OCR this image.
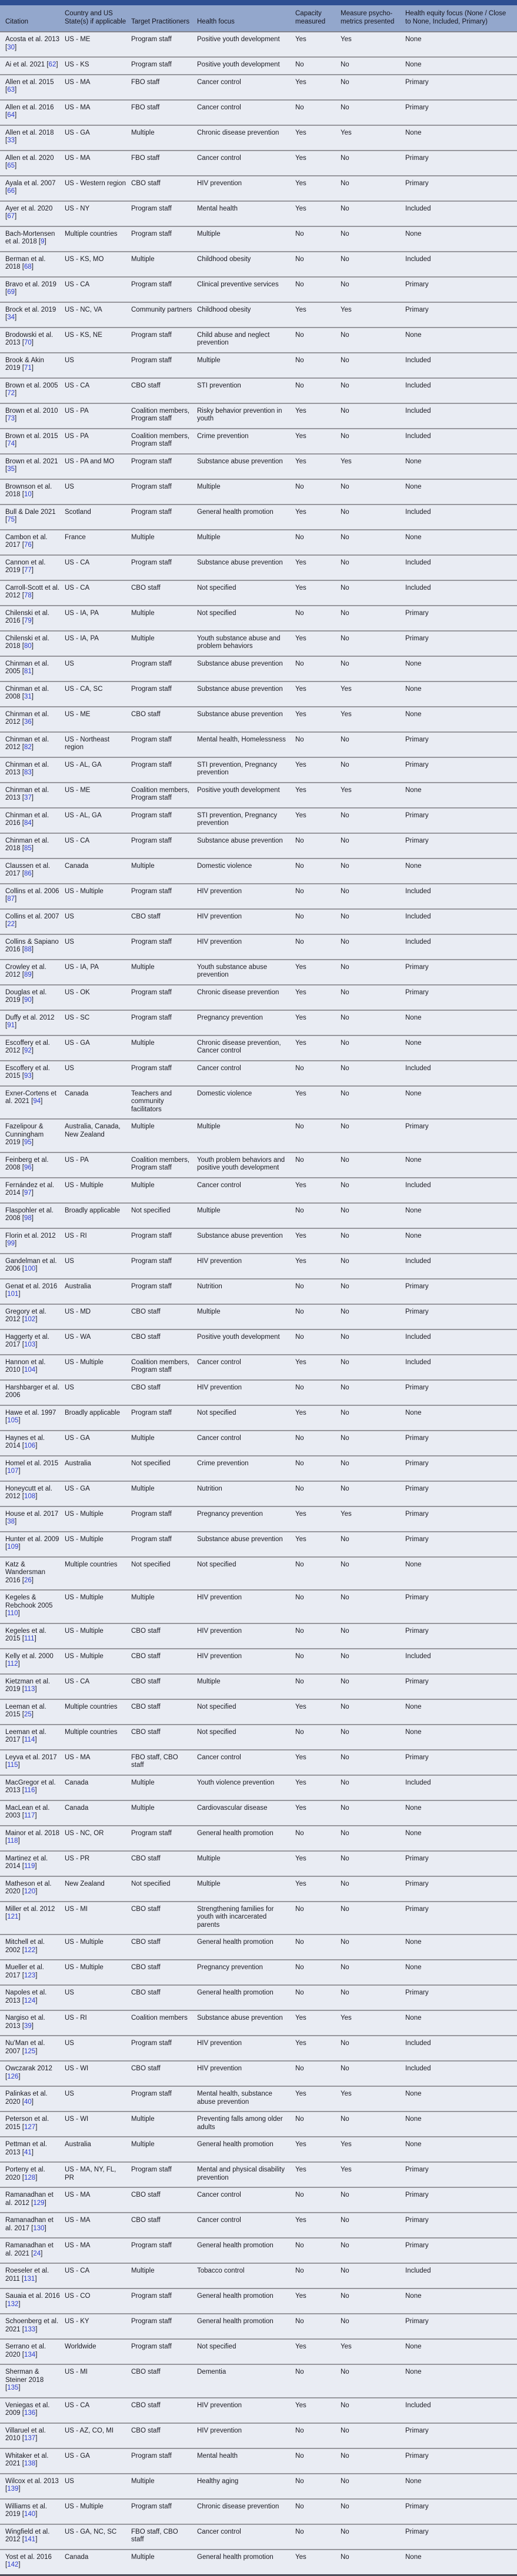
Citation	Country and US State(s) if applicable	Target Practitioners	Health focus	Capacity measured	Measure psycho-metrics presented	Health equity focus (None / Close to None, Included, Primary)
Acosta et al. 2013 [30]	US - ME	Program staff	Positive youth development	Yes	Yes	None
Ai et al. 2021 [62]	US - KS	Program staff	Positive youth development	No	No	None
Allen et al. 2015 [63]	US - MA	FBO staff	Cancer control	Yes	No	Primary
Allen et al. 2016 [64]	US - MA	FBO staff	Cancer control	No	No	Primary
Allen et al. 2018 [33]	US - GA	Multiple	Chronic disease prevention	Yes	Yes	None
Allen et al. 2020 [65]	US - MA	FBO staff	Cancer control	Yes	No	Primary
Ayala et al. 2007 [66]	US - Western region	CBO staff	HIV prevention	Yes	No	Primary
Ayer et al. 2020 [67]	US - NY	Program staff	Mental health	Yes	No	Included
Bach-Mortensen et al. 2018 [9]	Multiple countries	Program staff	Multiple	No	No	None
Berman et al. 2018 [68]	US - KS, MO	Multiple	Childhood obesity	No	No	Included
Bravo et al. 2019 [69]	US - CA	Program staff	Clinical preventive services	No	No	Primary
Brock et al. 2019 [34]	US - NC, VA	Community partners	Childhood obesity	Yes	Yes	Primary
Brodowski et al. 2013 [70]	US - KS, NE	Program staff	Child abuse and neglect prevention	No	No	None
Brook & Akin 2019 [71]	US	Program staff	Multiple	No	No	Included
Brown et al. 2005 [72]	US - CA	CBO staff	STI prevention	No	No	Included
Brown et al. 2010 [73]	US - PA	Coalition members, Program staff	Risky behavior prevention in youth	Yes	No	Included
Brown et al. 2015 [74]	US - PA	Coalition members, Program staff	Crime prevention	Yes	No	Included
Brown et al. 2021 [35]	US - PA and MO	Program staff	Substance abuse prevention	Yes	Yes	None
Brownson et al. 2018 [10]	US	Program staff	Multiple	No	No	None
Bull & Dale 2021 [75]	Scotland	Program staff	General health promotion	Yes	No	Included
Cambon et al. 2017 [76]	France	Multiple	Multiple	No	No	None
Cannon et al. 2019 [77]	US - CA	Program staff	Substance abuse prevention	Yes	No	Included
Carroll-Scott et al. 2012 [78]	US - CA	CBO staff	Not specified	Yes	No	Included
Chilenski et al. 2016 [79]	US - IA, PA	Multiple	Not specified	No	No	Primary
Chilenski et al. 2018 [80]	US - IA, PA	Multiple	Youth substance abuse and problem behaviors	Yes	No	Primary
Chinman et al. 2005 [81]	US	Program staff	Substance abuse prevention	No	No	None
Chinman et al. 2008 [31]	US - CA, SC	Program staff	Substance abuse prevention	Yes	Yes	None
Chinman et al. 2012 [36]	US - ME	CBO staff	Substance abuse prevention	Yes	Yes	None
Chinman et al. 2012 [82]	US - Northeast region	Program staff	Mental health, Homelessness	No	No	Primary
Chinman et al. 2013 [83]	US - AL, GA	Program staff	STI prevention, Pregnancy prevention	Yes	No	Primary
Chinman et al. 2013 [37]	US - ME	Coalition members, Program staff	Positive youth development	Yes	Yes	None
Chinman et al. 2016 [84]	US - AL, GA	Program staff	STI prevention, Pregnancy prevention	Yes	No	Primary
Chinman et al. 2018 [85]	US - CA	Program staff	Substance abuse prevention	No	No	Primary
Claussen et al. 2017 [86]	Canada	Multiple	Domestic violence	No	No	None
Collins et al. 2006 [87]	US - Multiple	Program staff	HIV prevention	No	No	Included
Collins et al. 2007 [22]	US	CBO staff	HIV prevention	No	No	Included
Collins & Sapiano 2016 [88]	US	Program staff	HIV prevention	No	No	Included
Crowley et al. 2012 [89]	US - IA, PA	Multiple	Youth substance abuse prevention	Yes	No	Primary
Douglas et al. 2019 [90]	US - OK	Program staff	Chronic disease prevention	Yes	No	Primary
Duffy et al. 2012 [91]	US - SC	Program staff	Pregnancy prevention	Yes	No	None
Escoffery et al. 2012 [92]	US - GA	Multiple	Chronic disease prevention, Cancer control	Yes	No	None
Escoffery et al. 2015 [93]	US	Program staff	Cancer control	No	No	Included
Exner-Cortens et al. 2021 [94]	Canada	Teachers and community facilitators	Domestic violence	Yes	No	None
Fazelipour & Cunningham 2019 [95]	Australia, Canada, New Zealand	Multiple	Multiple	No	No	Primary
Feinberg et al. 2008 [96]	US - PA	Coalition members, Program staff	Youth problem behaviors and positive youth development	No	No	None
Fernández et al. 2014 [97]	US - Multiple	Multiple	Cancer control	Yes	No	Included
Flaspohler et al. 2008 [98]	Broadly applicable	Not specified	Multiple	No	No	None
Florin et al. 2012 [99]	US - RI	Program staff	Substance abuse prevention	Yes	No	None
Gandelman et al. 2006 [100]	US	Program staff	HIV prevention	Yes	No	Included
Genat et al. 2016 [101]	Australia	Program staff	Nutrition	No	No	Primary
Gregory et al. 2012 [102]	US - MD	CBO staff	Multiple	No	No	Primary
Haggerty et al. 2017 [103]	US - WA	CBO staff	Positive youth development	No	No	Included
Hannon et al. 2010 [104]	US - Multiple	Coalition members, Program staff	Cancer control	Yes	No	Included
Harshbarger et al. 2006	US	CBO staff	HIV prevention	No	No	Primary
Hawe et al. 1997 [105]	Broadly applicable	Program staff	Not specified	Yes	No	None
Haynes et al. 2014 [106]	US - GA	Multiple	Cancer control	No	No	Primary
Homel et al. 2015 [107]	Australia	Not specified	Crime prevention	No	No	Primary
Honeycutt et al. 2012 [108]	US - GA	Multiple	Nutrition	No	No	Primary
House et al. 2017 [38]	US - Multiple	Program staff	Pregnancy prevention	Yes	Yes	Primary
Hunter et al. 2009 [109]	US - Multiple	Program staff	Substance abuse prevention	Yes	No	Primary
Katz & Wandersman 2016 [26]	Multiple countries	Not specified	Not specified	No	No	None
Kegeles & Rebchook 2005 [110]	US - Multiple	Multiple	HIV prevention	No	No	Primary
Kegeles et al. 2015 [111]	US - Multiple	CBO staff	HIV prevention	No	No	Primary
Kelly et al. 2000 [112]	US - Multiple	CBO staff	HIV prevention	No	No	Included
Kietzman et al. 2019 [113]	US - CA	CBO staff	Multiple	No	No	Primary
Leeman et al. 2015 [25]	Multiple countries	CBO staff	Not specified	Yes	No	None
Leeman et al. 2017 [114]	Multiple countries	CBO staff	Not specified	No	No	None
Leyva et al. 2017 [115]	US - MA	FBO staff, CBO staff	Cancer control	Yes	No	Primary
MacGregor et al. 2013 [116]	Canada	Multiple	Youth violence prevention	Yes	No	Included
MacLean et al. 2003 [117]	Canada	Multiple	Cardiovascular disease	Yes	No	None
Mainor et al. 2018 [118]	US - NC, OR	Program staff	General health promotion	No	No	None
Martinez et al. 2014 [119]	US - PR	CBO staff	Multiple	Yes	No	Primary
Matheson et al. 2020 [120]	New Zealand	Not specified	Multiple	Yes	No	Primary
Miller et al. 2012 [121]	US - MI	CBO staff	Strengthening families for youth with incarcerated parents	No	No	Primary
Mitchell et al. 2002 [122]	US - Multiple	CBO staff	General health promotion	No	No	None
Mueller et al. 2017 [123]	US - Multiple	CBO staff	Pregnancy prevention	No	No	None
Napoles et al. 2013 [124]	US	CBO staff	General health promotion	No	No	Primary
Nargiso et al. 2013 [39]	US - RI	Coalition members	Substance abuse prevention	Yes	Yes	None
Nu'Man et al. 2007 [125]	US	Program staff	HIV prevention	Yes	No	Included
Owczarak 2012 [126]	US - WI	CBO staff	HIV prevention	No	No	Included
Palinkas et al. 2020 [40]	US	Program staff	Mental health, substance abuse prevention	Yes	Yes	None
Peterson et al. 2015 [127]	US - WI	Multiple	Preventing falls among older adults	No	No	None
Pettman et al. 2013 [41]	Australia	Multiple	General health promotion	Yes	Yes	None
Porteny et al. 2020 [128]	US - MA, NY, FL, PR	Program staff	Mental and physical disability prevention	Yes	Yes	Primary
Ramanadhan et al. 2012 [129]	US - MA	CBO staff	Cancer control	No	No	Primary
Ramanadhan et al. 2017 [130]	US - MA	CBO staff	Cancer control	Yes	No	Primary
Ramanadhan et al. 2021 [24]	US - MA	Program staff	General health promotion	No	No	Primary
Roeseler et al. 2011 [131]	US - CA	Multiple	Tobacco control	No	No	Included
Sauaia et al. 2016 [132]	US - CO	Program staff	General health promotion	Yes	No	None
Schoenberg et al. 2021 [133]	US - KY	Program staff	General health promotion	No	No	Primary
Serrano et al. 2020 [134]	Worldwide	Program staff	Not specified	Yes	Yes	None
Sherman & Steiner 2018 [135]	US - MI	CBO staff	Dementia	No	No	None
Veniegas et al. 2009 [136]	US - CA	CBO staff	HIV prevention	Yes	No	Included
Villaruel et al. 2010 [137]	US - AZ, CO, MI	CBO staff	HIV prevention	No	No	Primary
Whitaker et al. 2021 [138]	US - GA	Program staff	Mental health	No	No	Primary
Wilcox et al. 2013 [139]	US	Multiple	Healthy aging	No	No	None
Williams et al. 2019 [140]	US - Multiple	Program staff	Chronic disease prevention	No	No	Primary
Wingfield et al. 2012 [141]	US - GA, NC, SC	FBO staff, CBO staff	Cancer control	No	No	Primary
Yost et al. 2016 [142]	Canada	Multiple	General health promotion	Yes	No	None
